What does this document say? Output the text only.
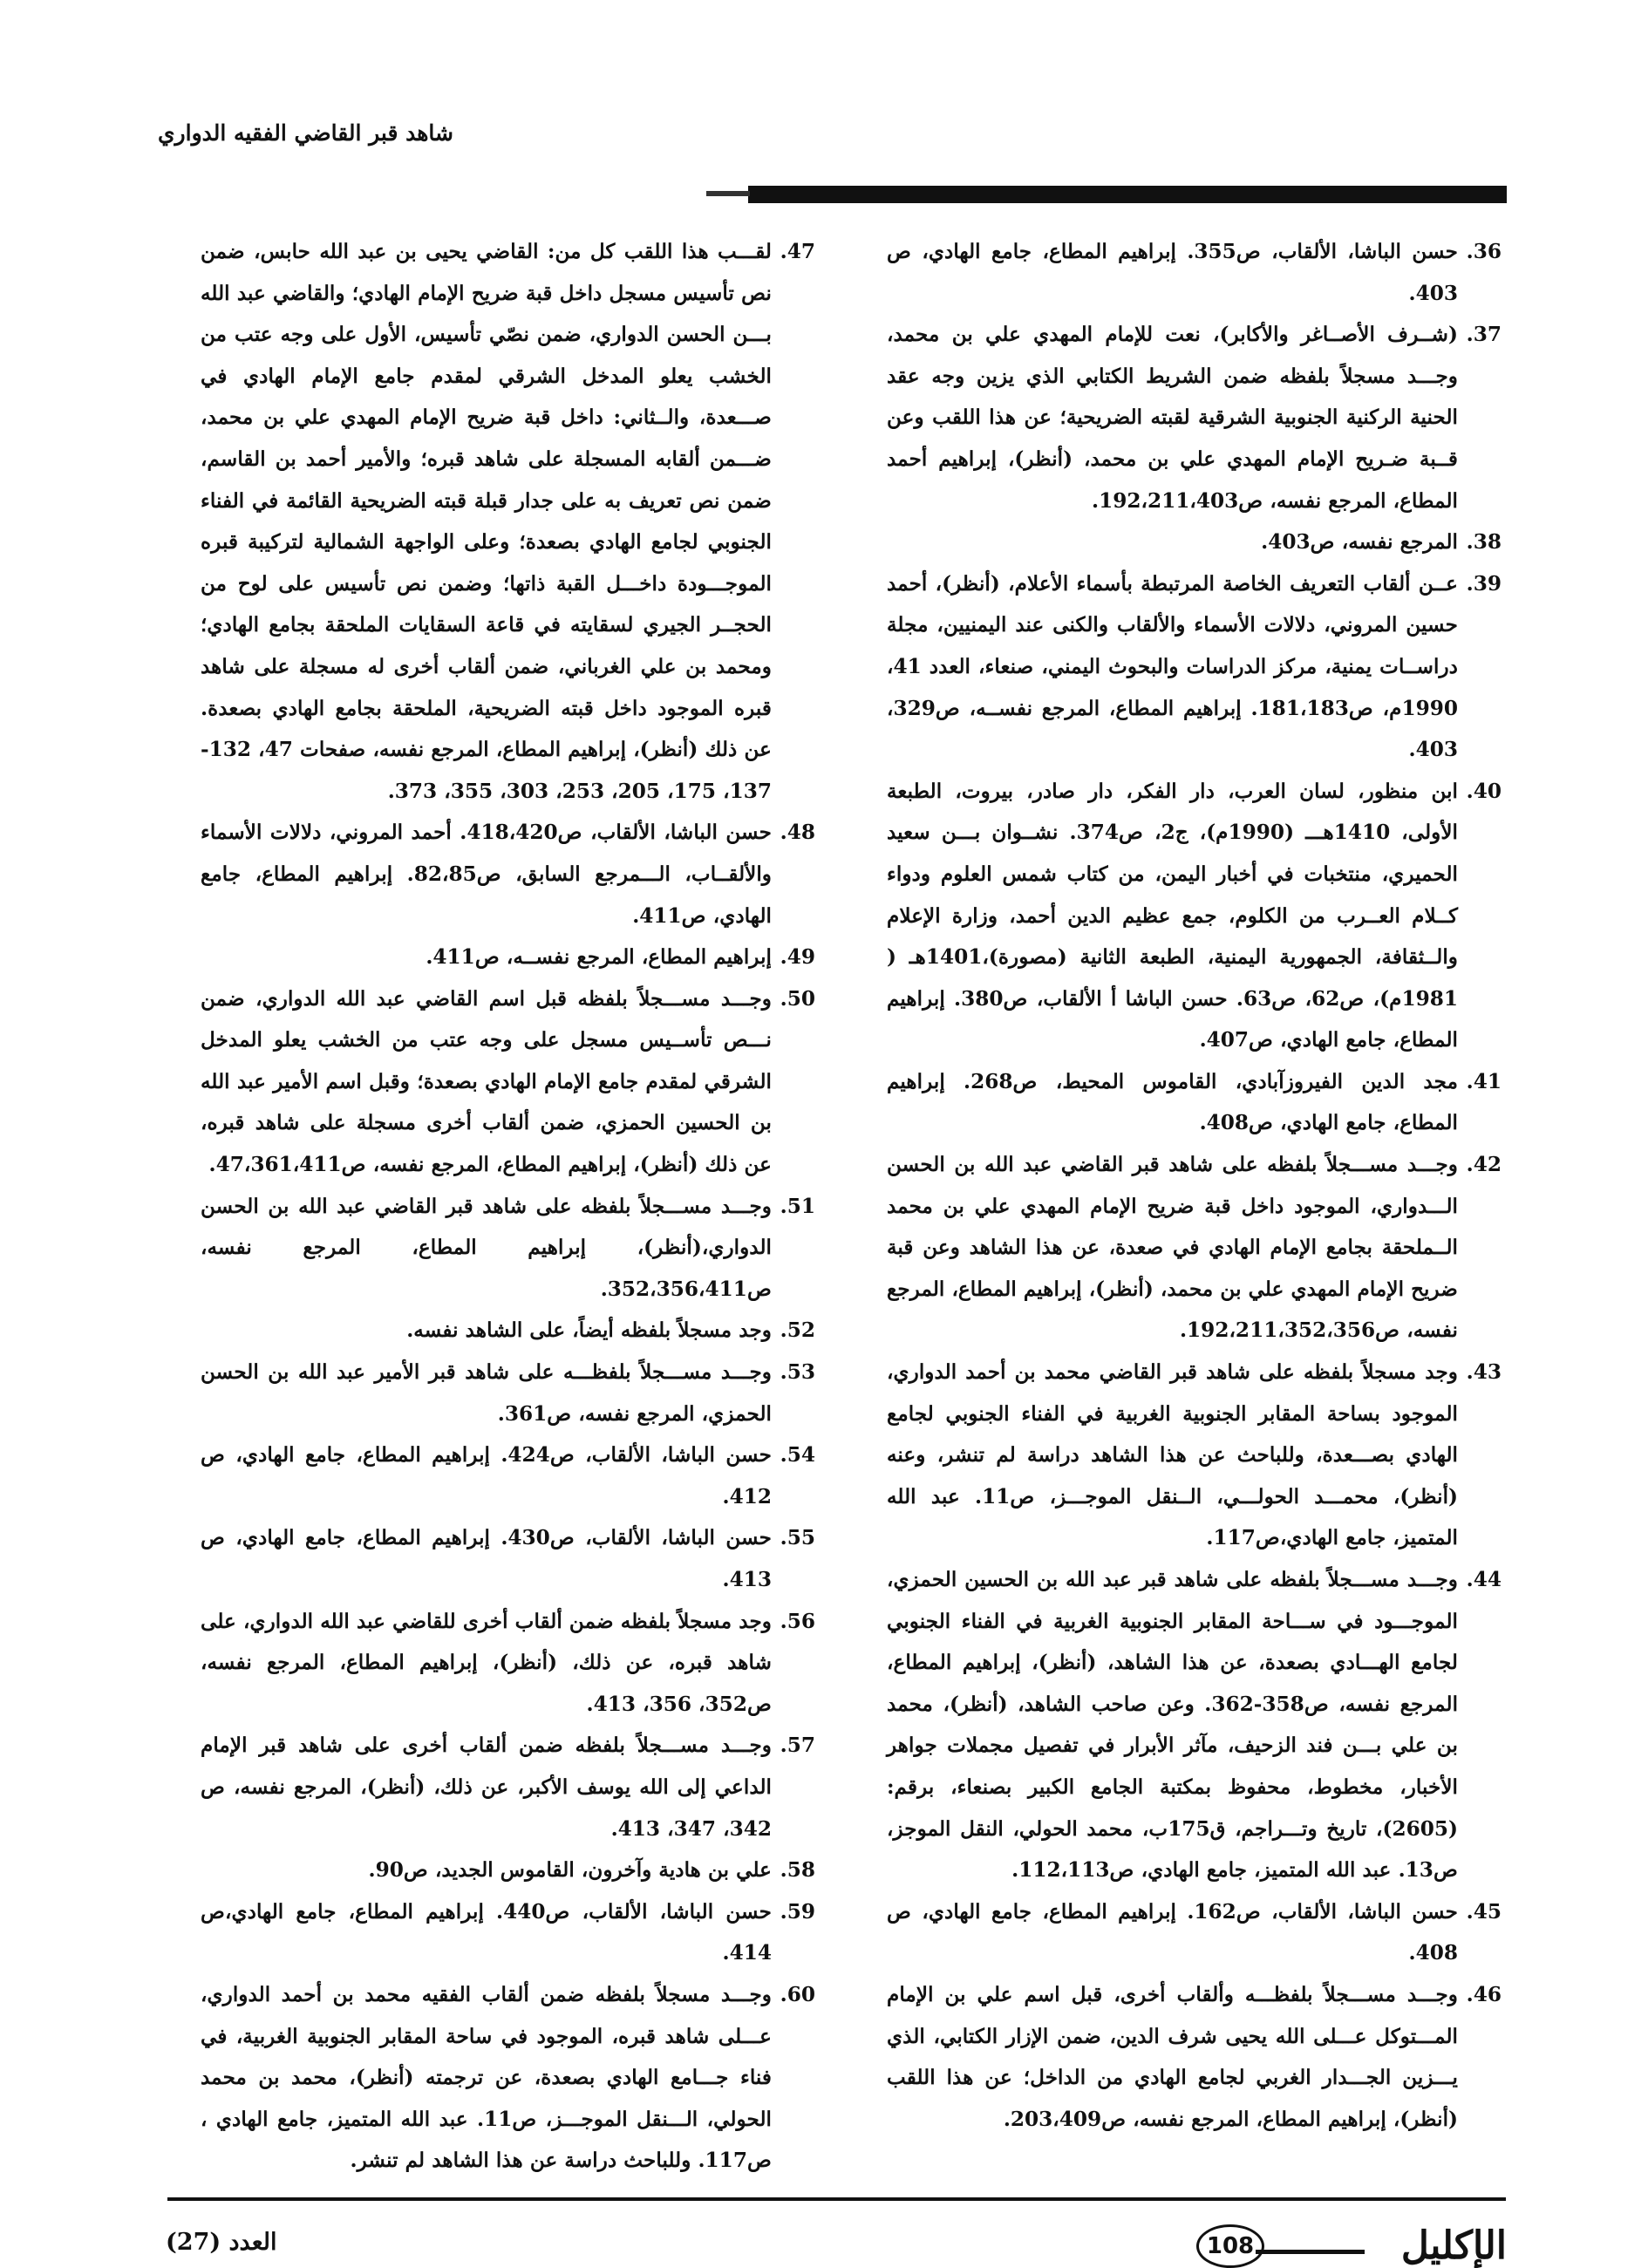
شاهد قبر القاضي الفقيه الدواري

36.
حسن الباشا، الألقاب، ص355. إبراهيم المطاع، جامع الهادي، ص 403.

37.
(شــرف الأصــاغر والأكابر)، نعت للإمام المهدي علي بن محمد، وجـــد مسجلاً بلفظه ضمن الشريط الكتابي الذي يزين وجه عقد الحنية الركنية الجنوبية الشرقية لقبته الضريحية؛ عن هذا اللقب وعن قــبة ضـريح الإمام المهدي علي بن محمد، (أنظر)، إبراهيم أحمد المطاع، المرجع نفسه، ص192،211،403.

38.
المرجع نفسه، ص403.

39.
عــن ألقاب التعريف الخاصة المرتبطة بأسماء الأعلام، (أنظر)، أحمد حسين المروني، دلالات الأسماء والألقاب والكنى عند اليمنيين، مجلة دراســات يمنية، مركز الدراسات والبحوث اليمني، صنعاء، العدد 41، 1990م، ص181،183. إبراهيم المطاع، المرجع نفســه، ص329، 403.

40.
ابن منظور، لسان العرب، دار الفكر، دار صادر، بيروت، الطبعة الأولى، 1410هـــ (1990م)، ج2، ص374. نشــوان بـــن سعيد الحميري، منتخبات في أخبار اليمن، من كتاب شمس العلوم ودواء كــلام العــرب من الكلوم، جمع عظيم الدين أحمد، وزارة الإعلام والــثقافة، الجمهورية اليمنية، الطبعة الثانية (مصورة)،1401هـ ( 1981م)، ص62، ص63. حسن الباشا أ الألقاب، ص380. إبراهيم المطاع، جامع الهادي، ص407.

41.
مجد الدين الفيروزآبادي، القاموس المحيط، ص268. إبراهيم المطاع، جامع الهادي، ص408.

42.
وجـــد مســـجلاً بلفظه على شاهد قبر القاضي عبد الله بن الحسن الـــدواري، الموجود داخل قبة ضريح الإمام المهدي علي بن محمد الــملحقة بجامع الإمام الهادي في صعدة، عن هذا الشاهد وعن قبة ضريح الإمام المهدي علي بن محمد، (أنظر)، إبراهيم المطاع، المرجع نفسه، ص192،211،352،356.

43.
وجد مسجلاً بلفظه على شاهد قبر القاضي محمد بن أحمد الدواري، الموجود بساحة المقابر الجنوبية الغربية في الفناء الجنوبي لجامع الهادي بصـــعدة، وللباحث عن هذا الشاهد دراسة لم تنشر، وعنه (أنظر)، محمـــد الحولـــي، الــنقل الموجـــز، ص11. عبد الله المتميز، جامع الهادي،ص117.

44.
وجـــد مســـجلاً بلفظه على شاهد قبر عبد الله بن الحسين الحمزي، الموجـــود في ســـاحة المقابر الجنوبية الغربية في الفناء الجنوبي لجامع الهـــادي بصعدة، عن هذا الشاهد، (أنظر)، إبراهيم المطاع، المرجع نفسه، ص358-362. وعن صاحب الشاهد، (أنظر)، محمد بن علي بـــن فند الزحيف، مآثر الأبرار في تفصيل مجملات جواهر الأخبار، مخطوط، محفوظ بمكتبة الجامع الكبير بصنعاء، برقم: (2605)، تاريخ وتـــراجم، ق175ب، محمد الحولي، النقل الموجز، ص13. عبد الله المتميز، جامع الهادي، ص112،113.

45.
حسن الباشا، الألقاب، ص162. إبراهيم المطاع، جامع الهادي، ص 408.

46.
وجـــد مســـجلاً بلفظـــه وألقاب أخرى، قبل اسم علي بن الإمام المـــتوكل عـــلى الله يحيى شرف الدين، ضمن الإزار الكتابي، الذي يـــزين الجـــدار الغربي لجامع الهادي من الداخل؛ عن هذا اللقب (أنظر)، إبراهيم المطاع، المرجع نفسه، ص203،409.

47.
لقـــب هذا اللقب كل من: القاضي يحيى بن عبد الله حابس، ضمن نص تأسيس مسجل داخل قبة ضريح الإمام الهادي؛ والقاضي عبد الله بـــن الحسن الدواري، ضمن نصّي تأسيس، الأول على وجه عتب من الخشب يعلو المدخل الشرقي لمقدم جامع الإمام الهادي في صـــعدة، والــثاني: داخل قبة ضريح الإمام المهدي علي بن محمد، ضـــمن ألقابه المسجلة على شاهد قبره؛ والأمير أحمد بن القاسم، ضمن نص تعريف به على جدار قبلة قبته الضريحية القائمة في الفناء الجنوبي لجامع الهادي بصعدة؛ وعلى الواجهة الشمالية لتركيبة قبره الموجـــودة داخـــل القبة ذاتها؛ وضمن نص تأسيس على لوح من الحجــر الجيري لسقايته في قاعة السقايات الملحقة بجامع الهادي؛ ومحمد بن علي الغرباني، ضمن ألقاب أخرى له مسجلة على شاهد قبره الموجود داخل قبته الضريحية، الملحقة بجامع الهادي بصعدة. عن ذلك (أنظر)، إبراهيم المطاع، المرجع نفسه، صفحات 47، 132-137، 175، 205، 253، 303، 355، 373.

48.
حسن الباشا، الألقاب، ص418،420. أحمد المروني، دلالات الأسماء والألقــاب، الـــمرجع السابق، ص82،85. إبراهيم المطاع، جامع الهادي، ص411.

49.
إبراهيم المطاع، المرجع نفســه، ص411.

50.
وجـــد مســـجلاً بلفظه قبل اسم القاضي عبد الله الدواري، ضمن نـــص تأســيس مسجل على وجه عتب من الخشب يعلو المدخل الشرقي لمقدم جامع الإمام الهادي بصعدة؛ وقبل اسم الأمير عبد الله بن الحسين الحمزي، ضمن ألقاب أخرى مسجلة على شاهد قبره، عن ذلك (أنظر)، إبراهيم المطاع، المرجع نفسه، ص47،361،411.

51.
وجـــد مســـجلاً بلفظه على شاهد قبر القاضي عبد الله بن الحسن الدواري،(أنظر)، إبراهيم المطاع، المرجع نفسه، ص352،356،411.

52.
وجد مسجلاً بلفظه أيضاً، على الشاهد نفسه.

53.
وجـــد مســـجلاً بلفظـــه على شاهد قبر الأمير عبد الله بن الحسن الحمزي، المرجع نفسه، ص361.

54.
حسن الباشا، الألقاب، ص424. إبراهيم المطاع، جامع الهادي، ص 412.

55.
حسن الباشا، الألقاب، ص430. إبراهيم المطاع، جامع الهادي، ص 413.

56.
وجد مسجلاً بلفظه ضمن ألقاب أخرى للقاضي عبد الله الدواري، على شاهد قبره، عن ذلك، (أنظر)، إبراهيم المطاع، المرجع نفسه، ص352، 356، 413.

57.
وجـــد مســـجلاً بلفظه ضمن ألقاب أخرى على شاهد قبر الإمام الداعي إلى الله يوسف الأكبر، عن ذلك، (أنظر)، المرجع نفسه، ص 342، 347، 413.

58.
علي بن هادية وآخرون، القاموس الجديد، ص90.

59.
حسن الباشا، الألقاب، ص440. إبراهيم المطاع، جامع الهادي،ص 414.

60.
وجـــد مسجلاً بلفظه ضمن ألقاب الفقيه محمد بن أحمد الدواري، عـــلى شاهد قبره، الموجود في ساحة المقابر الجنوبية الغربية، في فناء جـــامع الهادي بصعدة، عن ترجمته (أنظر)، محمد بن محمد الحولي، الـــنقل الموجـــز، ص11. عبد الله المتميز، جامع الهادي ، ص117. وللباحث دراسة عن هذا الشاهد لم تنشر.

الإكليل
108
العدد (27)
